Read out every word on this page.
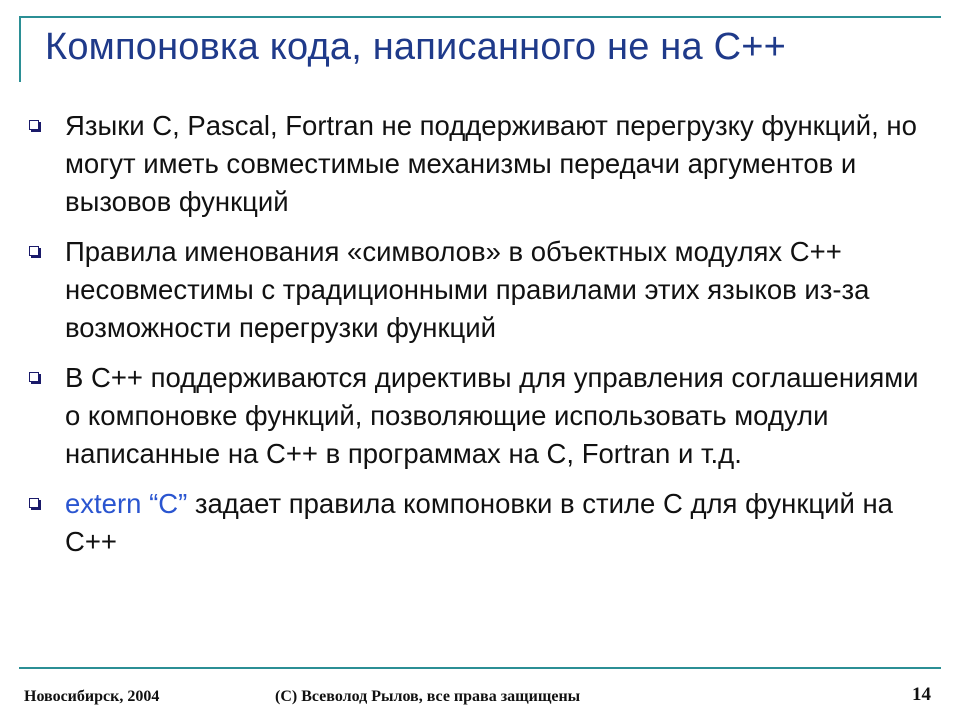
Компоновка кода, написанного не на С++
Языки С, Pascal, Fortran не поддерживают перегрузку функций, но могут иметь совместимые механизмы передачи аргументов и вызовов функций
Правила именования «символов» в объектных модулях С++ несовместимы с традиционными правилами этих языков из-за возможности перегрузки функций
В С++ поддерживаются директивы для управления соглашениями о компоновке функций, позволяющие использовать модули написанные на С++ в программах на С, Fortran и т.д.
extern “C” задает правила компоновки в стиле С для функций на С++
Новосибирск, 2004	(С) Всеволод Рылов, все права защищены	14
